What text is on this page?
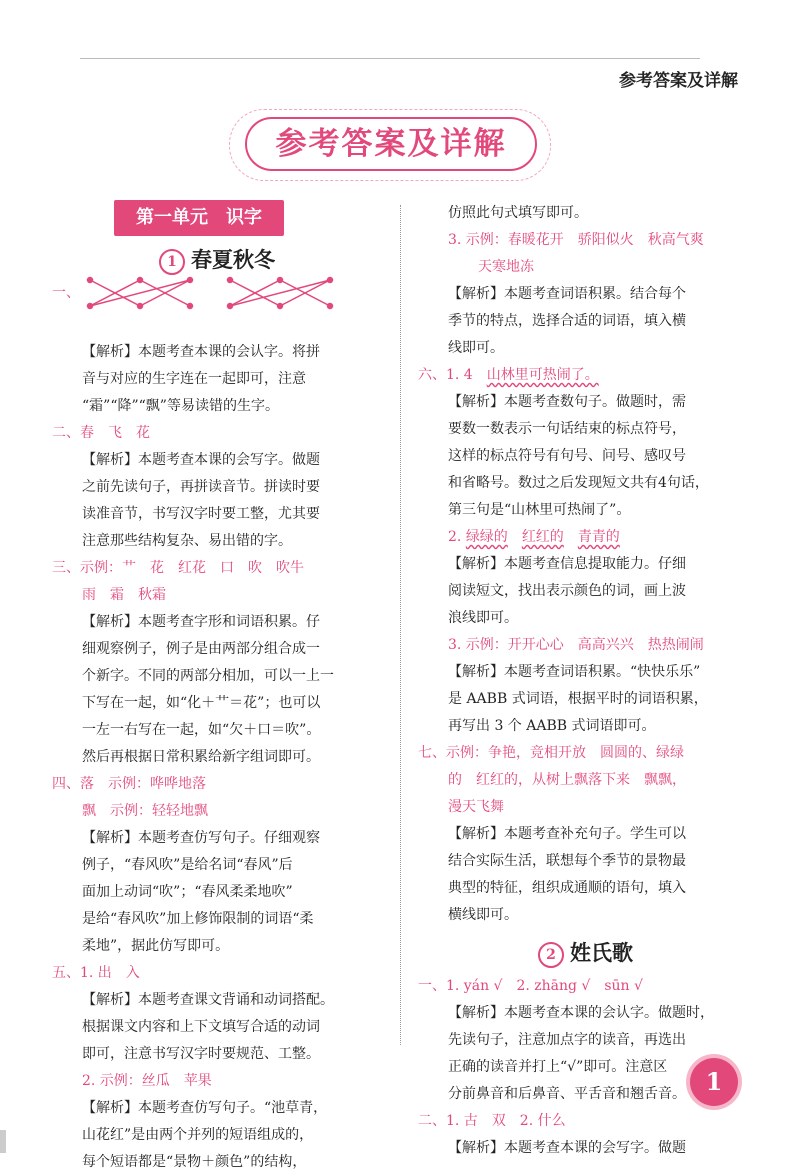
参考答案及详解
参考答案及详解
第一单元　识字
1 春夏秋冬
一、
【解析】本题考查本课的会认字。将拼
音与对应的生字连在一起即可，注意
“霜”“降”“飘”等易读错的生字。
二、春　飞　花
【解析】本题考查本课的会写字。做题
之前先读句子，再拼读音节。拼读时要
读准音节，书写汉字时要工整，尤其要
注意那些结构复杂、易出错的字。
三、示例：艹　花　红花　口　吹　吹牛
雨　霜　秋霜
【解析】本题考查字形和词语积累。仔
细观察例子，例子是由两部分组合成一
个新字。不同的两部分相加，可以一上一
下写在一起，如“化＋艹＝花”；也可以
一左一右写在一起，如“欠＋口＝吹”。
然后再根据日常积累给新字组词即可。
四、落　示例：哗哗地落
飘　示例：轻轻地飘
【解析】本题考查仿写句子。仔细观察
例子，“春风吹”是给名词“春风”后
面加上动词“吹”；“春风柔柔地吹”
是给“春风吹”加上修饰限制的词语“柔
柔地”，据此仿写即可。
五、1. 出　入
【解析】本题考查课文背诵和动词搭配。
根据课文内容和上下文填写合适的动词
即可，注意书写汉字时要规范、工整。
2. 示例：丝瓜　苹果
【解析】本题考查仿写句子。“池草青，
山花红”是由两个并列的短语组成的，
每个短语都是“景物＋颜色”的结构，
仿照此句式填写即可。
3. 示例：春暖花开　骄阳似火　秋高气爽
天寒地冻
【解析】本题考查词语积累。结合每个
季节的特点，选择合适的词语，填入横
线即可。
六、1. 4　山林里可热闹了。
【解析】本题考查数句子。做题时，需
要数一数表示一句话结束的标点符号，
这样的标点符号有句号、问号、感叹号
和省略号。数过之后发现短文共有4句话，
第三句是“山林里可热闹了”。
2. 绿绿的　 红红的　 青青的
【解析】本题考查信息提取能力。仔细
阅读短文，找出表示颜色的词，画上波
浪线即可。
3. 示例：开开心心　高高兴兴　热热闹闹
【解析】本题考查词语积累。“快快乐乐”
是 AABB 式词语，根据平时的词语积累，
再写出 3 个 AABB 式词语即可。
七、示例：争艳，竞相开放　圆圆的、绿绿
的　红红的，从树上飘落下来　飘飘，
漫天飞舞
【解析】本题考查补充句子。学生可以
结合实际生活，联想每个季节的景物最
典型的特征，组织成通顺的语句，填入
横线即可。
2 姓氏歌
一、1. yán √　2. zhāng √　sūn √
【解析】本题考查本课的会认字。做题时，
先读句子，注意加点字的读音，再选出
正确的读音并打上“√”即可。注意区
分前鼻音和后鼻音、平舌音和翘舌音。
二、1. 古　双　2. 什么
【解析】本题考查本课的会写字。做题
1
